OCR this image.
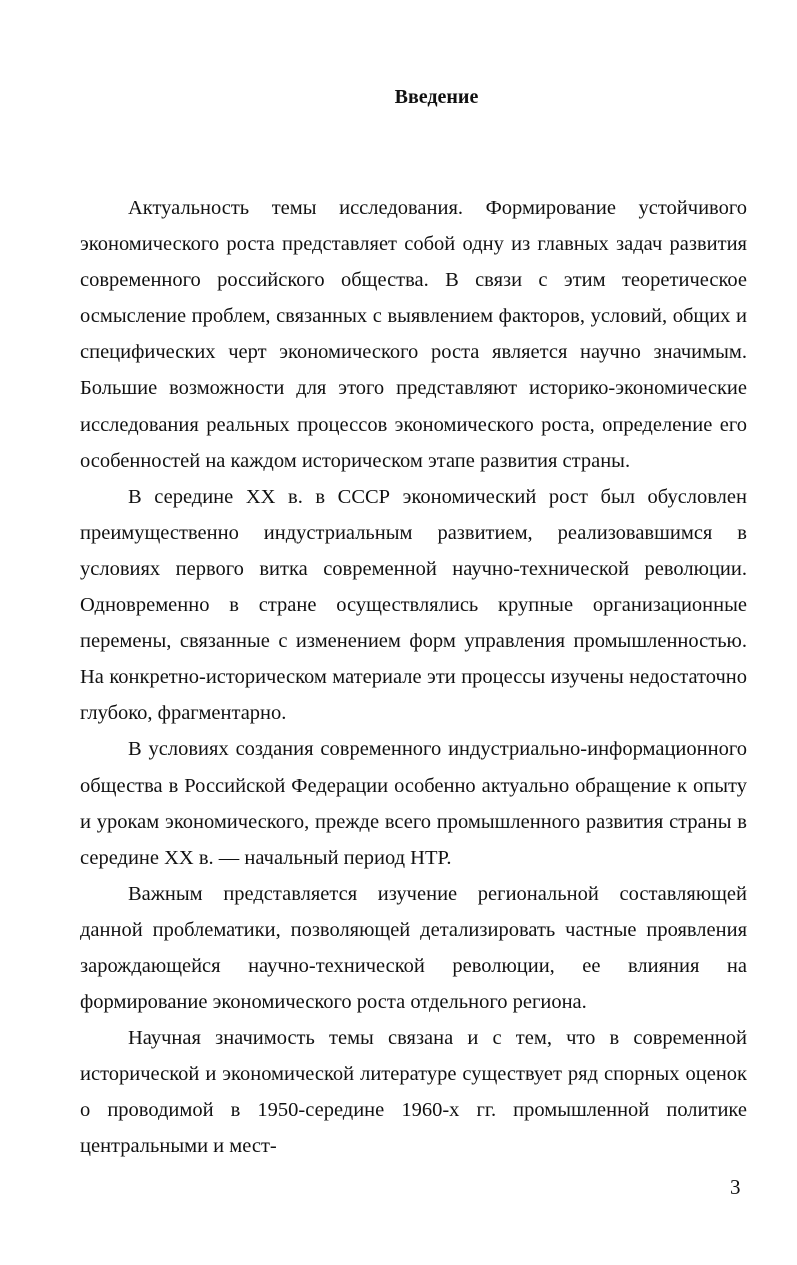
Введение

Актуальность темы исследования. Формирование устойчивого экономического роста представляет собой одну из главных задач развития современного российского общества. В связи с этим теоретическое осмысление проблем, связанных с выявлением факторов, условий, общих и специфических черт экономического роста является научно значимым. Большие возможности для этого представляют историко-экономические исследования реальных процессов экономического роста, определение его особенностей на каждом историческом этапе развития страны.

В середине XX в. в СССР экономический рост был обусловлен преимущественно индустриальным развитием, реализовавшимся в условиях первого витка современной научно-технической революции. Одновременно в стране осуществлялись крупные организационные перемены, связанные с изменением форм управления промышленностью. На конкретно-историческом материале эти процессы изучены недостаточно глубоко, фрагментарно.

В условиях создания современного индустриально-информационного общества в Российской Федерации особенно актуально обращение к опыту и урокам экономического, прежде всего промышленного развития страны в середине XX в. — начальный период НТР.

Важным представляется изучение региональной составляющей данной проблематики, позволяющей детализировать частные проявления зарождающейся научно-технической революции, ее влияния на формирование экономического роста отдельного региона.

Научная значимость темы связана и с тем, что в современной исторической и экономической литературе существует ряд спорных оценок о проводимой в 1950-середине 1960-х гг. промышленной политике центральными и мест-

3
